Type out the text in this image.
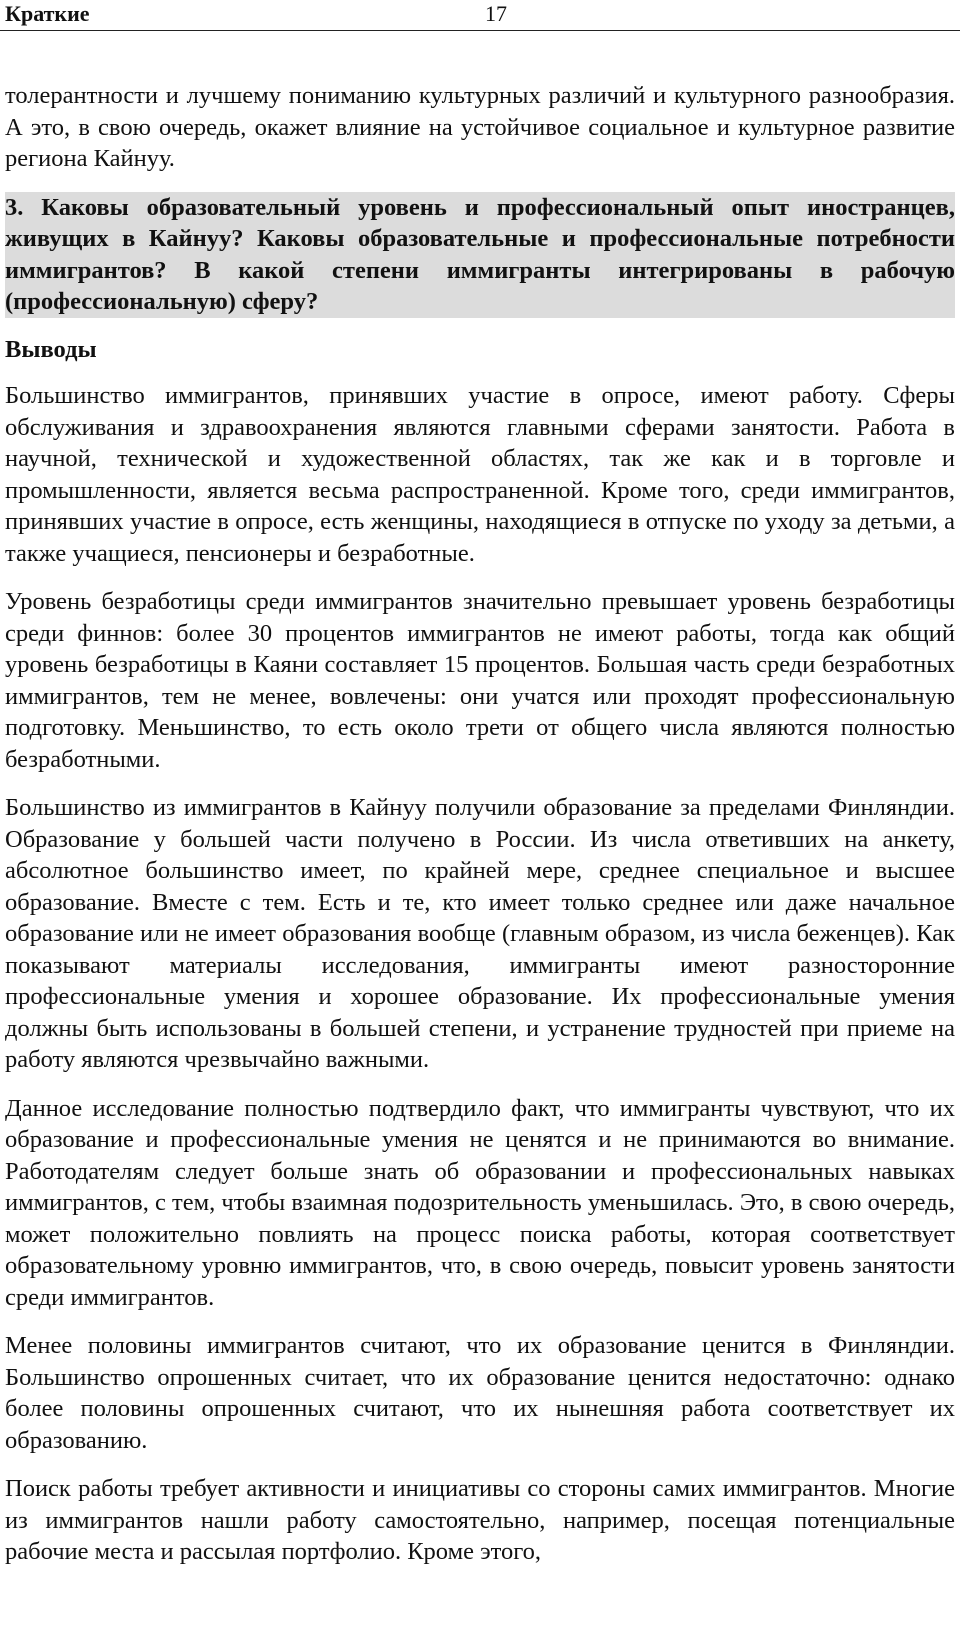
Краткие	17

толерантности и лучшему пониманию культурных различий и культурного разнообразия. А это, в свою очередь, окажет влияние на устойчивое социальное и культурное развитие региона Кайнуу.

3. Каковы образовательный уровень и профессиональный опыт иностранцев, живущих в Кайнуу? Каковы образовательные и профессиональные потребности иммигрантов? В какой степени иммигранты интегрированы в рабочую (профессиональную) сферу?
Выводы

Большинство иммигрантов, принявших участие в опросе, имеют работу. Сферы обслуживания и здравоохранения являются главными сферами занятости. Работа в научной, технической и художественной областях, так же как и в торговле и промышленности, является весьма распространенной. Кроме того, среди иммигрантов, принявших участие в опросе, есть женщины, находящиеся в отпуске по уходу за детьми, а также учащиеся, пенсионеры и безработные.

Уровень безработицы среди иммигрантов значительно превышает уровень безработицы среди финнов: более 30 процентов иммигрантов не имеют работы, тогда как общий уровень безработицы в Каяни составляет 15 процентов. Большая часть среди безработных иммигрантов, тем не менее, вовлечены: они учатся или проходят профессиональную подготовку. Меньшинство, то есть около трети от общего числа являются полностью безработными.

Большинство из иммигрантов в Кайнуу получили образование за пределами Финляндии. Образование у большей части получено в России. Из числа ответивших на анкету, абсолютное большинство имеет, по крайней мере, среднее специальное и высшее образование. Вместе с тем. Есть и те, кто имеет только среднее или даже начальное образование или не имеет образования вообще (главным образом, из числа беженцев). Как показывают материалы исследования, иммигранты имеют разносторонние профессиональные умения и хорошее образование. Их профессиональные умения должны быть использованы в большей степени, и устранение трудностей при приеме на работу являются чрезвычайно важными.

Данное исследование полностью подтвердило факт, что иммигранты чувствуют, что их образование и профессиональные умения не ценятся и не принимаются во внимание. Работодателям следует больше знать об образовании и профессиональных навыках иммигрантов, с тем, чтобы взаимная подозрительность уменьшилась. Это, в свою очередь, может положительно повлиять на процесс поиска работы, которая соответствует образовательному уровню иммигрантов, что, в свою очередь, повысит уровень занятости среди иммигрантов.

Менее половины иммигрантов считают, что их образование ценится в Финляндии. Большинство опрошенных считает, что их образование ценится недостаточно: однако более половины опрошенных считают, что их нынешняя работа соответствует их образованию.

Поиск работы требует активности и инициативы со стороны самих иммигрантов. Многие из иммигрантов нашли работу самостоятельно, например, посещая потенциальные рабочие места и рассылая портфолио. Кроме этого,
